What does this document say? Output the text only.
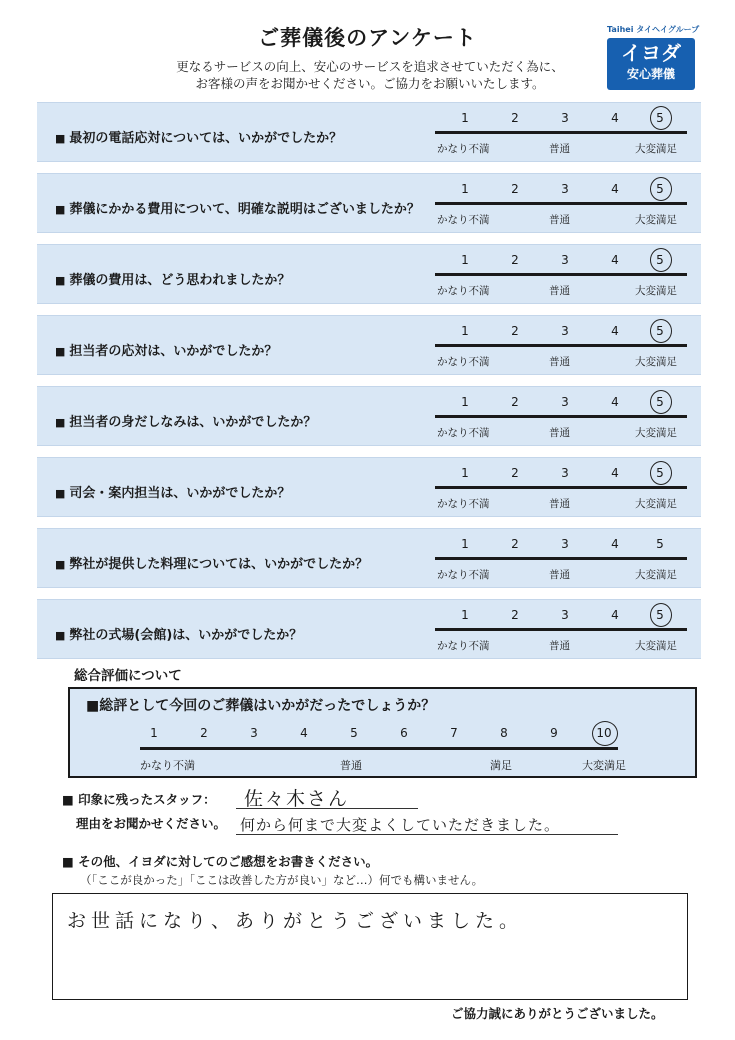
ご葬儀後のアンケート
更なるサービスの向上、安心のサービスを追求させていただく為に、
お客様の声をお聞かせください。ご協力をお願いいたします。
Taihei タイヘイグループ
イヨダ
安心葬儀
■ 最初の電話応対については、いかがでしたか？
1	2	3	4	5
かなり不満	普通	大変満足
■ 葬儀にかかる費用について、明確な説明はございましたか？
1	2	3	4	5
かなり不満	普通	大変満足
■ 葬儀の費用は、どう思われましたか？
1	2	3	4	5
かなり不満	普通	大変満足
■ 担当者の応対は、いかがでしたか？
1	2	3	4	5
かなり不満	普通	大変満足
■ 担当者の身だしなみは、いかがでしたか？
1	2	3	4	5
かなり不満	普通	大変満足
■ 司会・案内担当は、いかがでしたか？
1	2	3	4	5
かなり不満	普通	大変満足
■ 弊社が提供した料理については、いかがでしたか？
1	2	3	4	5
かなり不満	普通	大変満足
■ 弊社の式場(会館)は、いかがでしたか？
1	2	3	4	5
かなり不満	普通	大変満足
総合評価について
■総評として今回のご葬儀はいかがだったでしょうか？
かなり不満	普通	満足	大変満足
1	2	3	4	5	6	7	8	9	10
■ 印象に残ったスタッフ： 佐々木さん
理由をお聞かせください。 何から何まで大変よくしていただきました。
■ その他、イヨダに対してのご感想をお書きください。
（「ここが良かった」「ここは改善した方が良い」など…）何でも構いません。
お世話になり、ありがとうございました。
ご協力誠にありがとうございました。
